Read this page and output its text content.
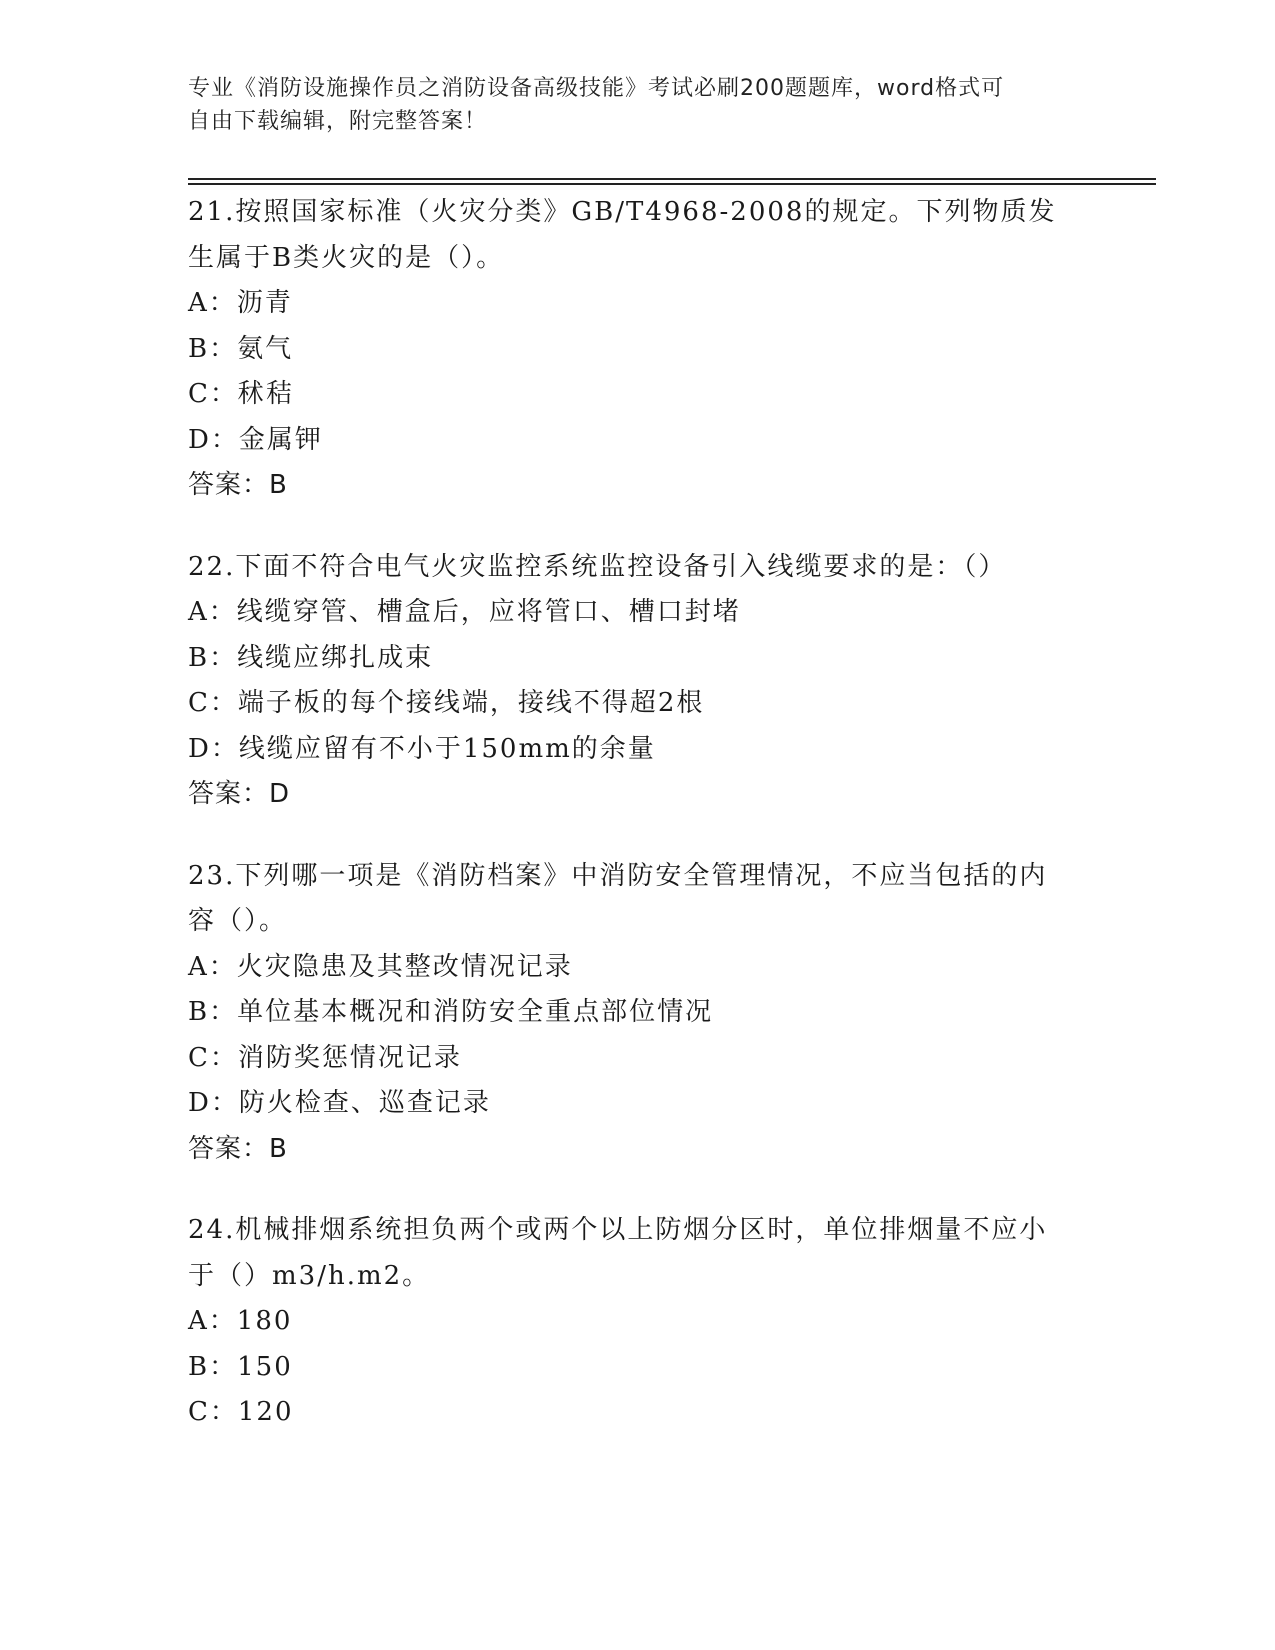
专业《消防设施操作员之消防设备高级技能》考试必刷200题题库，word格式可
自由下载编辑，附完整答案！

21.按照国家标准（火灾分类》GB/T4968-2008的规定。下列物质发生属于B类火灾的是（）。

A：沥青

B：氨气

C：秫秸

D：金属钾

答案：B

22.下面不符合电气火灾监控系统监控设备引入线缆要求的是：（）

A：线缆穿管、槽盒后，应将管口、槽口封堵

B：线缆应绑扎成束

C：端子板的每个接线端，接线不得超2根

D：线缆应留有不小于150mm的余量

答案：D

23.下列哪一项是《消防档案》中消防安全管理情况，不应当包括的内容（）。

A：火灾隐患及其整改情况记录

B：单位基本概况和消防安全重点部位情况

C：消防奖惩情况记录

D：防火检查、巡查记录

答案：B

24.机械排烟系统担负两个或两个以上防烟分区时，单位排烟量不应小于（）m3/h.m2。

A：180

B：150

C：120
